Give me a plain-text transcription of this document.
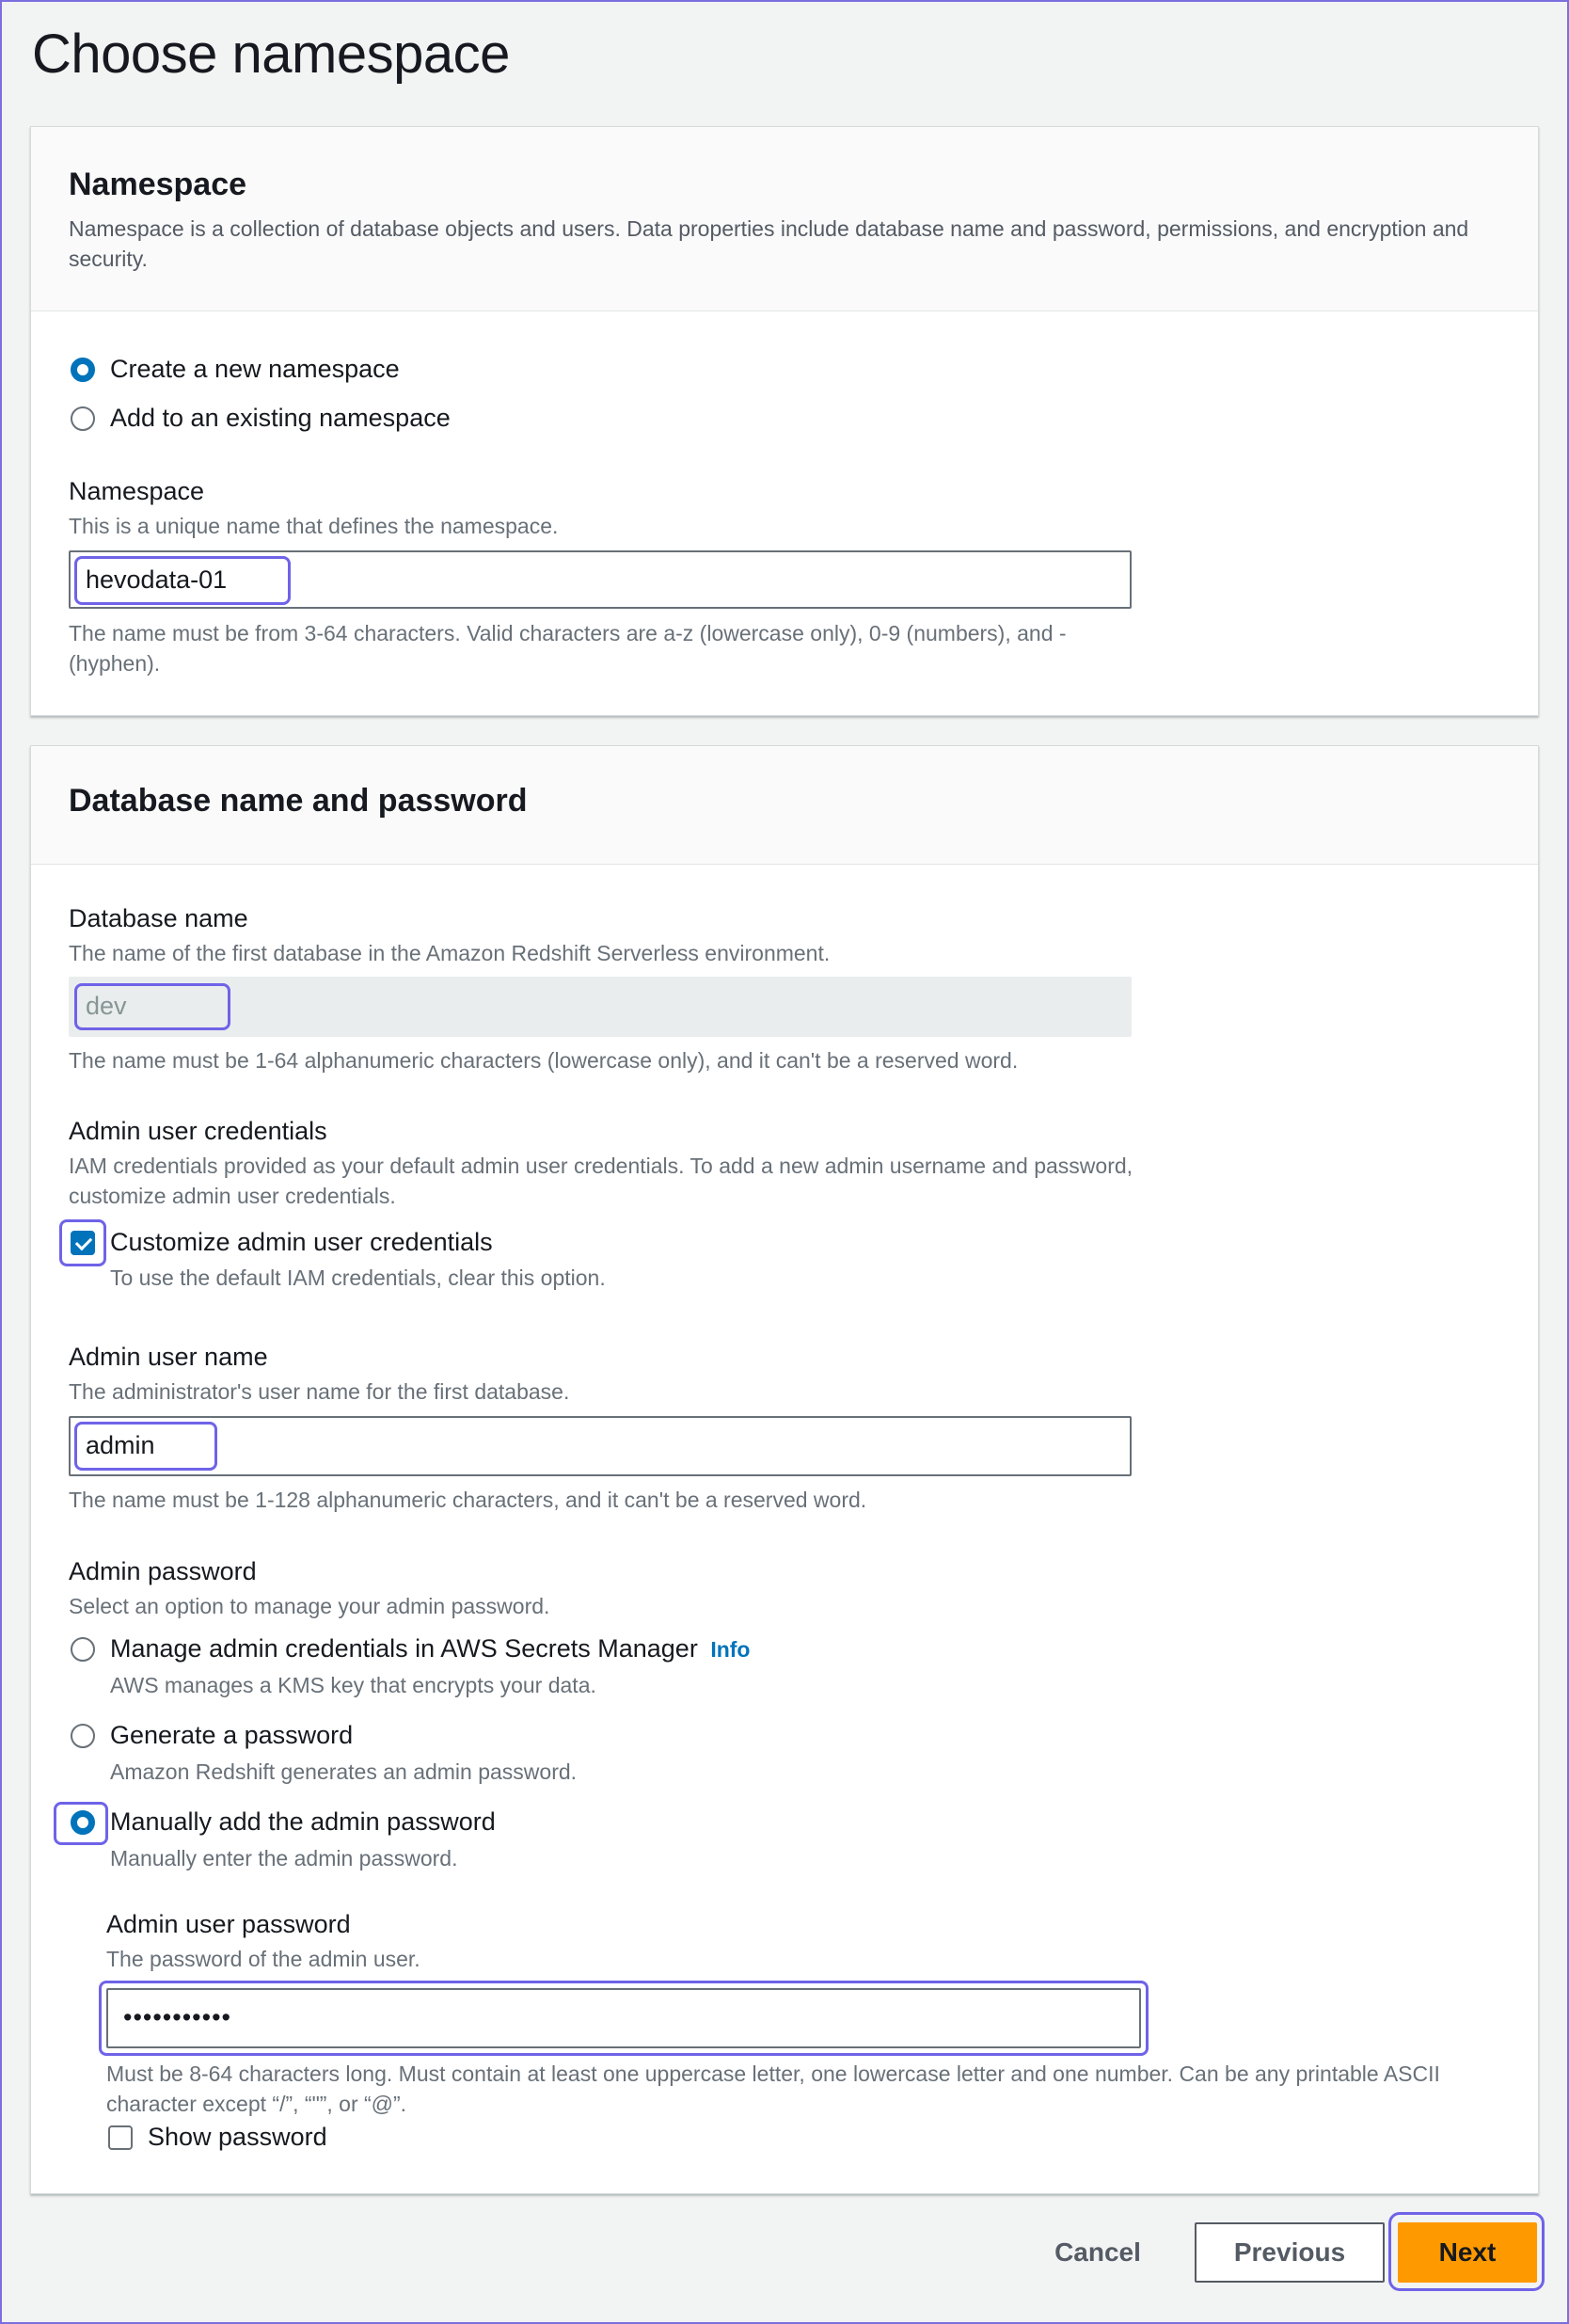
Choose namespace
Namespace
Namespace is a collection of database objects and users. Data properties include database name and password, permissions, and encryption and security.
Create a new namespace
Add to an existing namespace
Namespace
This is a unique name that defines the namespace.
hevodata-01
The name must be from 3-64 characters. Valid characters are a-z (lowercase only), 0-9 (numbers), and - (hyphen).
Database name and password
Database name
The name of the first database in the Amazon Redshift Serverless environment.
dev
The name must be 1-64 alphanumeric characters (lowercase only), and it can't be a reserved word.
Admin user credentials
IAM credentials provided as your default admin user credentials. To add a new admin username and password, customize admin user credentials.
Customize admin user credentials
To use the default IAM credentials, clear this option.
Admin user name
The administrator's user name for the first database.
admin
The name must be 1-128 alphanumeric characters, and it can't be a reserved word.
Admin password
Select an option to manage your admin password.
Manage admin credentials in AWS Secrets Manager Info
AWS manages a KMS key that encrypts your data.
Generate a password
Amazon Redshift generates an admin password.
Manually add the admin password
Manually enter the admin password.
Admin user password
The password of the admin user.
•••••••••••
Must be 8-64 characters long. Must contain at least one uppercase letter, one lowercase letter and one number. Can be any printable ASCII character except “/”, “"”, or “@”.
Show password
Cancel	Previous	Next
